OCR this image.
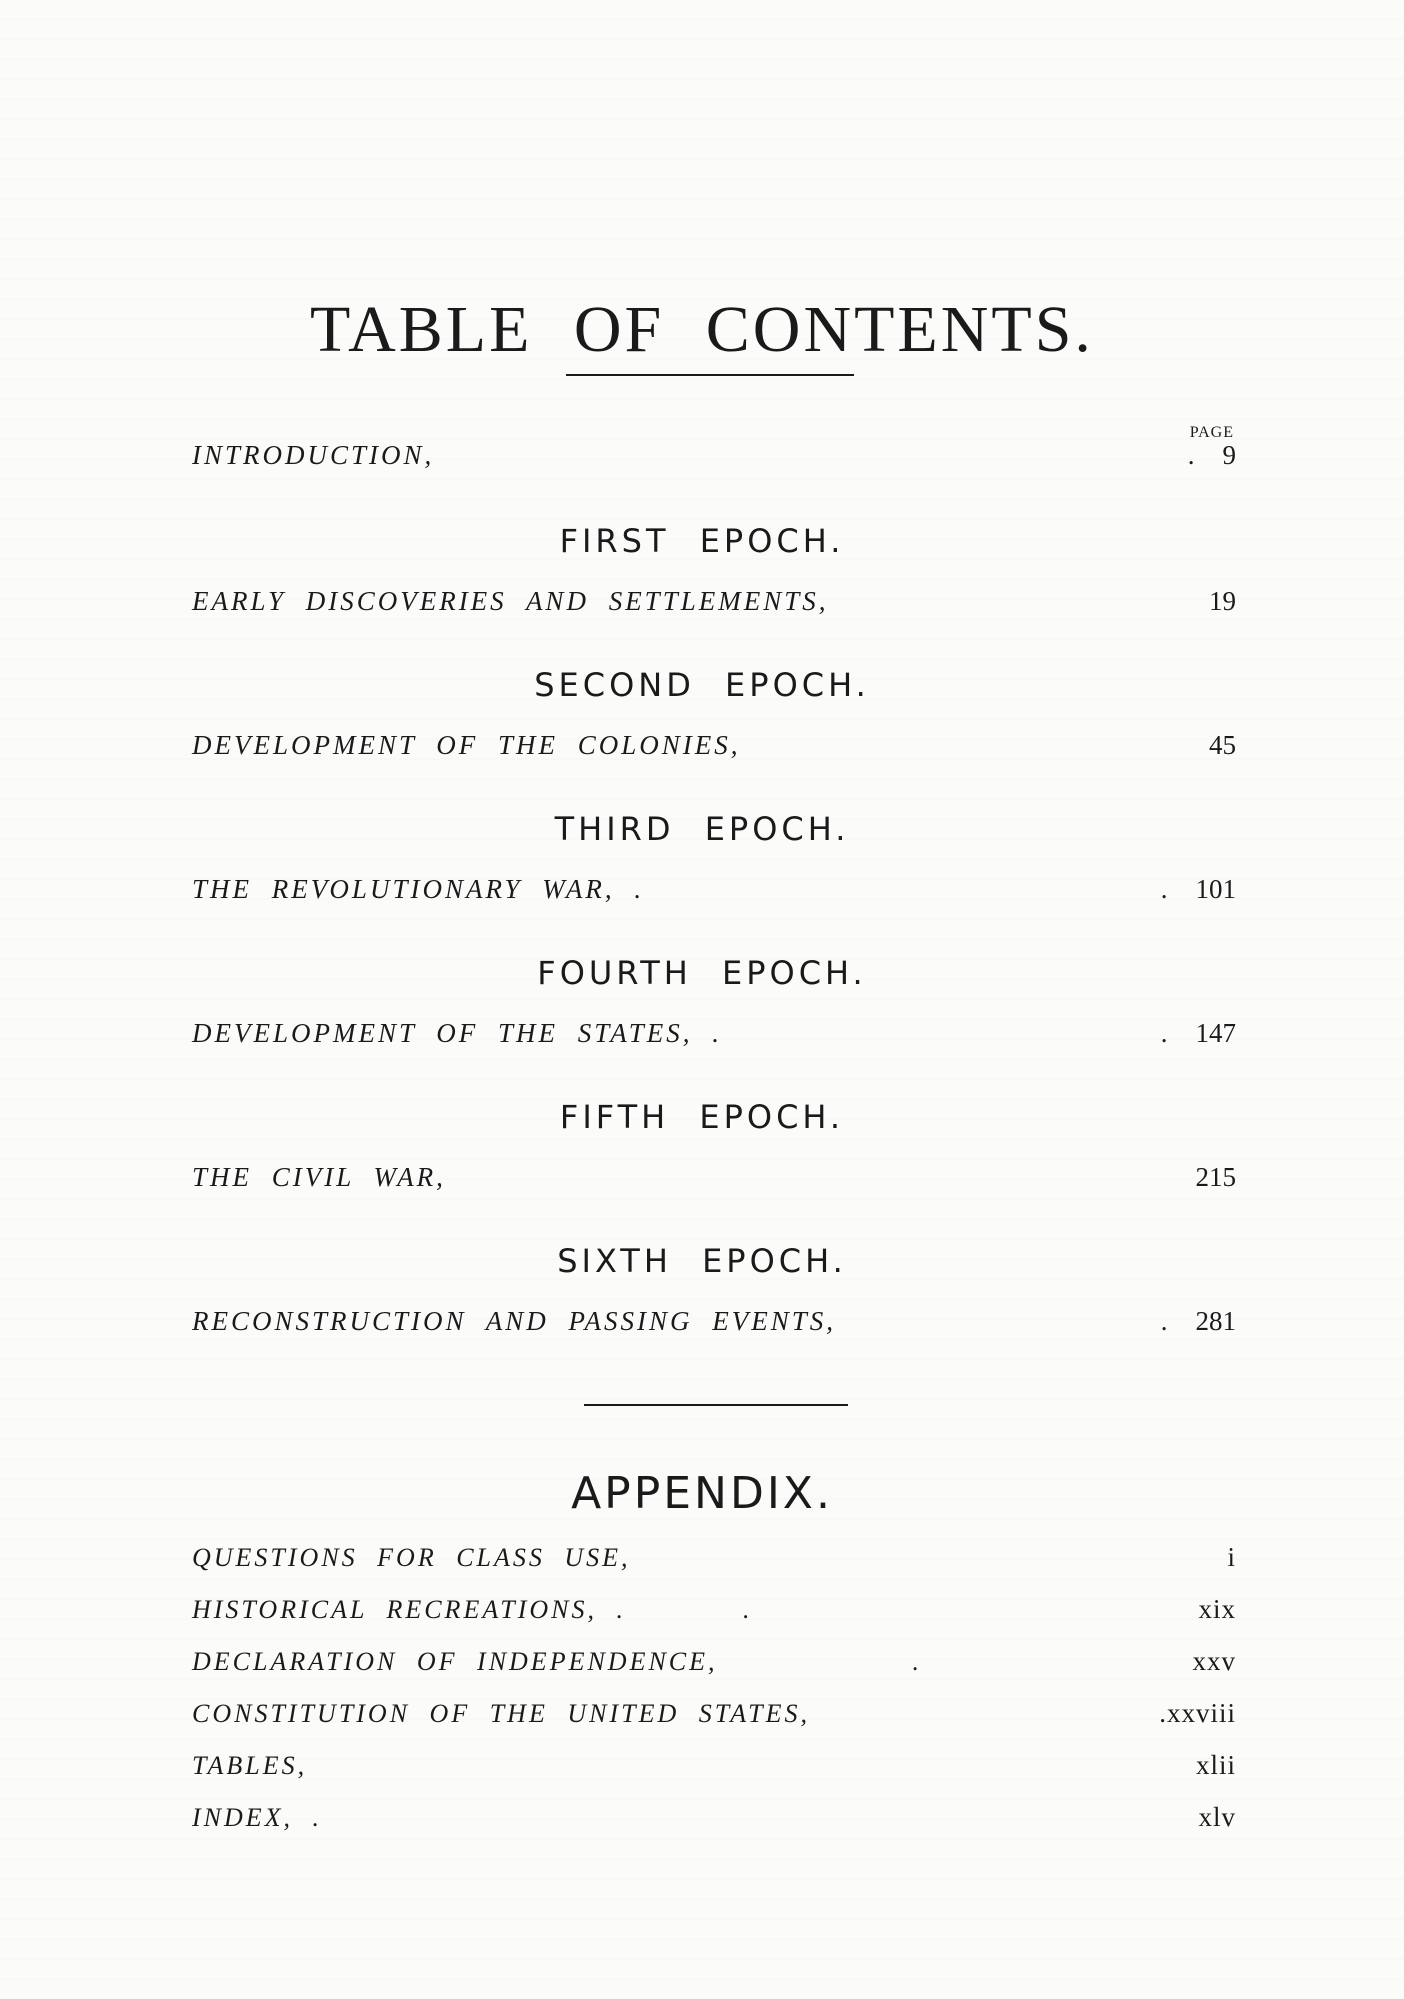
TABLE OF CONTENTS.
PAGE
INTRODUCTION,	. 9
FIRST EPOCH.
EARLY DISCOVERIES AND SETTLEMENTS,	19
SECOND EPOCH.
DEVELOPMENT OF THE COLONIES,	45
THIRD EPOCH.
THE REVOLUTIONARY WAR, .	. 101
FOURTH EPOCH.
DEVELOPMENT OF THE STATES, .	. 147
FIFTH EPOCH.
THE CIVIL WAR,	215
SIXTH EPOCH.
RECONSTRUCTION AND PASSING EVENTS,	. 281
APPENDIX.
QUESTIONS FOR CLASS USE,	i
HISTORICAL RECREATIONS, .      .	xix
DECLARATION OF INDEPENDENCE,          .	xxv
CONSTITUTION OF THE UNITED STATES,	.xxviii
TABLES,	xlii
INDEX, .	xlv
